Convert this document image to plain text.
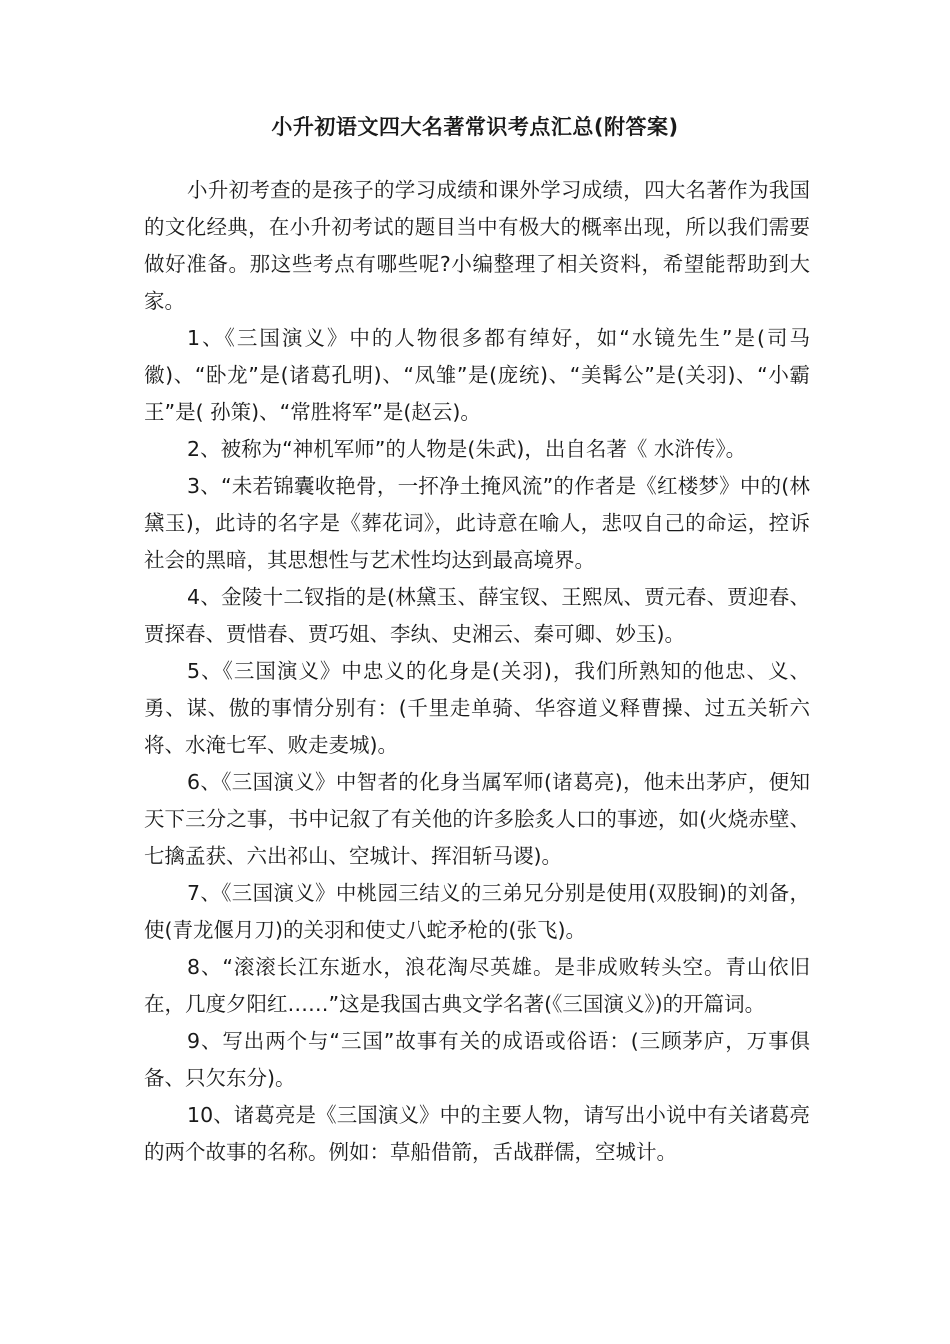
小升初语文四大名著常识考点汇总(附答案)

小升初考查的是孩子的学习成绩和课外学习成绩，四大名著作为我国的文化经典，在小升初考试的题目当中有极大的概率出现，所以我们需要做好准备。那这些考点有哪些呢?小编整理了相关资料，希望能帮助到大家。

1、《三国演义》中的人物很多都有绰好，如“水镜先生”是(司马徽)、“卧龙”是(诸葛孔明)、“凤雏”是(庞统)、“美髯公”是(关羽)、“小霸王”是( 孙策)、“常胜将军”是(赵云)。

2、被称为“神机军师”的人物是(朱武)，出自名著《 水浒传》。

3、“未若锦囊收艳骨，一抔净土掩风流”的作者是《红楼梦》中的(林黛玉)，此诗的名字是《葬花词》，此诗意在喻人，悲叹自己的命运，控诉社会的黑暗，其思想性与艺术性均达到最高境界。

4、金陵十二钗指的是(林黛玉、薛宝钗、王熙凤、贾元春、贾迎春、贾探春、贾惜春、贾巧姐、李纨、史湘云、秦可卿、妙玉)。

5、《三国演义》中忠义的化身是(关羽)，我们所熟知的他忠、义、勇、谋、傲的事情分别有：(千里走单骑、华容道义释曹操、过五关斩六将、水淹七军、败走麦城)。

6、《三国演义》中智者的化身当属军师(诸葛亮)，他未出茅庐，便知天下三分之事，书中记叙了有关他的许多脍炙人口的事迹，如(火烧赤壁、七擒孟获、六出祁山、空城计、挥泪斩马谡)。

7、《三国演义》中桃园三结义的三弟兄分别是使用(双股锏)的刘备， 使(青龙偃月刀)的关羽和使丈八蛇矛枪的(张飞)。

8、“滚滚长江东逝水，浪花淘尽英雄。是非成败转头空。青山依旧在，几度夕阳红……”这是我国古典文学名著(《三国演义》)的开篇词。

9、写出两个与“三国”故事有关的成语或俗语：(三顾茅庐，万事俱备、只欠东分)。

10、诸葛亮是《三国演义》中的主要人物，请写出小说中有关诸葛亮的两个故事的名称。例如：草船借箭，舌战群儒，空城计。
